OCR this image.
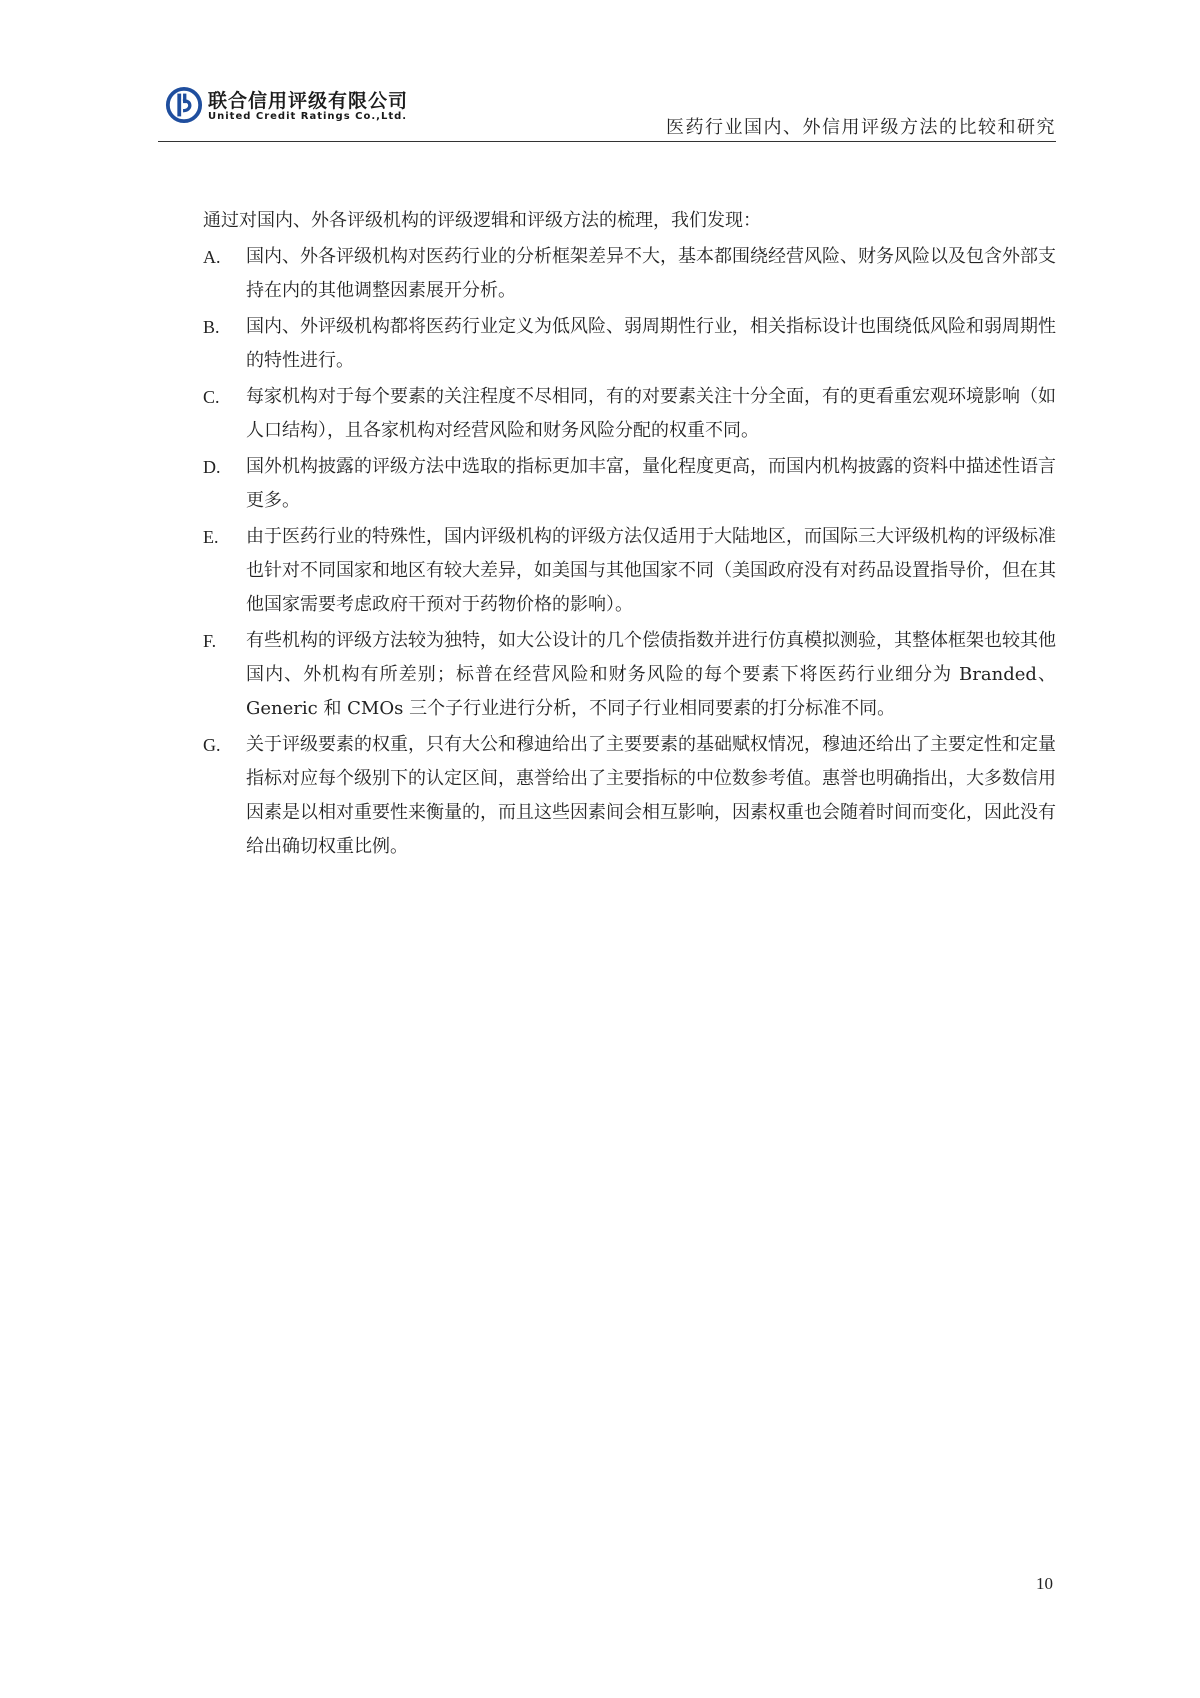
联合信用评级有限公司
United Credit Ratings Co.,Ltd.
医药行业国内、外信用评级方法的比较和研究

通过对国内、外各评级机构的评级逻辑和评级方法的梳理，我们发现：

A.	国内、外各评级机构对医药行业的分析框架差异不大，基本都围绕经营风险、财务风险以及包含外部支持在内的其他调整因素展开分析。
B.	国内、外评级机构都将医药行业定义为低风险、弱周期性行业，相关指标设计也围绕低风险和弱周期性的特性进行。
C.	每家机构对于每个要素的关注程度不尽相同，有的对要素关注十分全面，有的更看重宏观环境影响（如人口结构），且各家机构对经营风险和财务风险分配的权重不同。
D.	国外机构披露的评级方法中选取的指标更加丰富，量化程度更高，而国内机构披露的资料中描述性语言更多。
E.	由于医药行业的特殊性，国内评级机构的评级方法仅适用于大陆地区，而国际三大评级机构的评级标准也针对不同国家和地区有较大差异，如美国与其他国家不同（美国政府没有对药品设置指导价，但在其他国家需要考虑政府干预对于药物价格的影响）。
F.	有些机构的评级方法较为独特，如大公设计的几个偿债指数并进行仿真模拟测验，其整体框架也较其他国内、外机构有所差别；标普在经营风险和财务风险的每个要素下将医药行业细分为 Branded、Generic 和 CMOs 三个子行业进行分析，不同子行业相同要素的打分标准不同。
G.	关于评级要素的权重，只有大公和穆迪给出了主要要素的基础赋权情况，穆迪还给出了主要定性和定量指标对应每个级别下的认定区间，惠誉给出了主要指标的中位数参考值。惠誉也明确指出，大多数信用因素是以相对重要性来衡量的，而且这些因素间会相互影响，因素权重也会随着时间而变化，因此没有给出确切权重比例。
10
